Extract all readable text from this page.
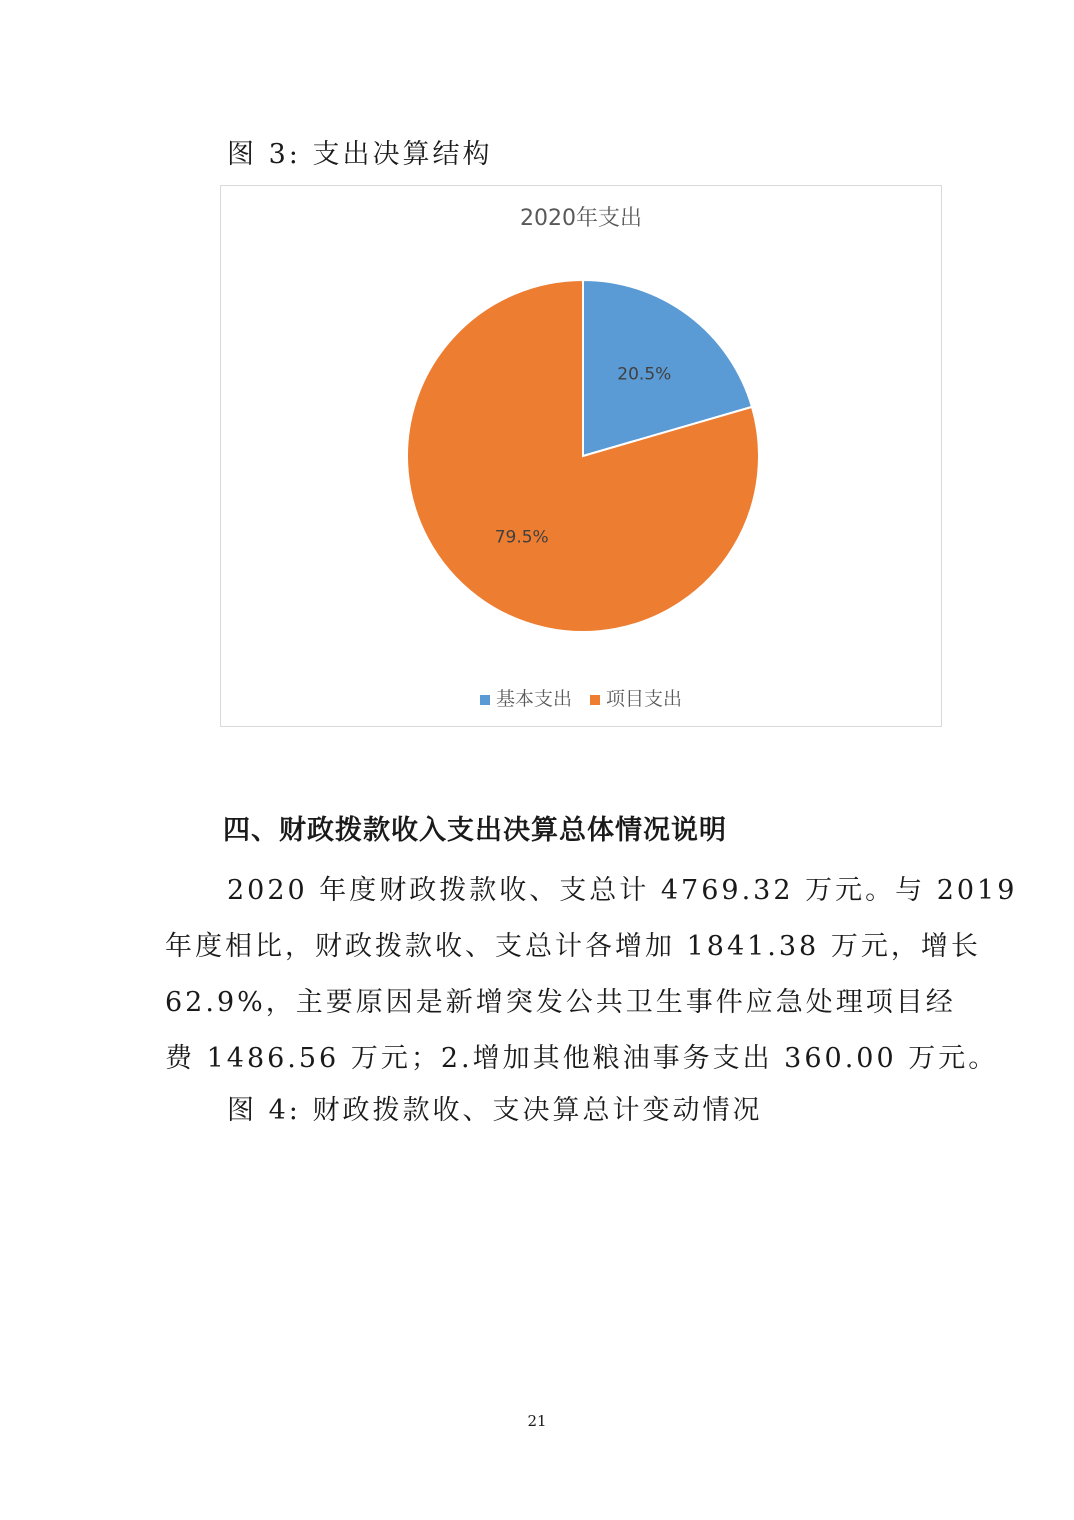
图 3: 支出决算结构
2020年支出
20.5%
79.5%
基本支出 项目支出
四、财政拨款收入支出决算总体情况说明
2020 年度财政拨款收、支总计 4769.32 万元。与 2019
年度相比，财政拨款收、支总计各增加 1841.38 万元，增长
62.9%，主要原因是新增突发公共卫生事件应急处理项目经
费 1486.56 万元；2.增加其他粮油事务支出 360.00 万元。
图 4: 财政拨款收、支决算总计变动情况
21
